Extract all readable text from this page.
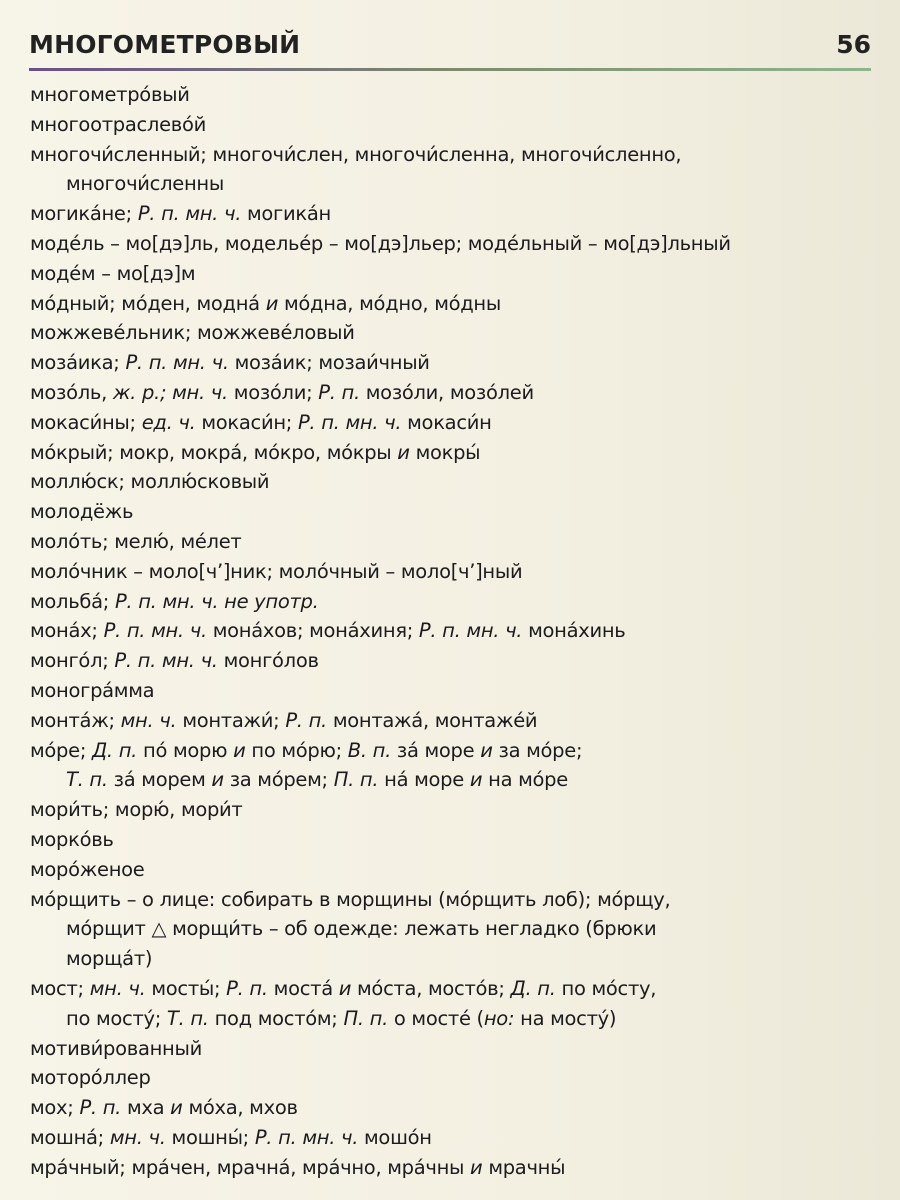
МНОГОМЕТРОВЫЙ	56
многометро́вый
многоотраслево́й
многочи́сленный; многочи́слен, многочи́сленна, многочи́сленно,
многочи́сленны
могика́не; Р. п. мн. ч. могика́н
моде́ль – мо[дэ]ль, моделье́р – мо[дэ]льер; моде́льный – мо[дэ]льный
моде́м – мо[дэ]м
мо́дный; мо́ден, модна́ и мо́дна, мо́дно, мо́дны
можжеве́льник; можжеве́ловый
моза́ика; Р. п. мн. ч. моза́ик; мозаи́чный
мозо́ль, ж. р.; мн. ч. мозо́ли; Р. п. мозо́ли, мозо́лей
мокаси́ны; ед. ч. мокаси́н; Р. п. мн. ч. мокаси́н
мо́крый; мокр, мокра́, мо́кро, мо́кры и мокры́
моллю́ск; моллю́сковый
молодёжь
моло́ть; мелю́, ме́лет
моло́чник – моло[ч’]ник; моло́чный – моло[ч’]ный
мольба́; Р. п. мн. ч. не употр.
мона́х; Р. п. мн. ч. мона́хов; мона́хиня; Р. п. мн. ч. мона́хинь
монго́л; Р. п. мн. ч. монго́лов
моногра́мма
монта́ж; мн. ч. монтажи́; Р. п. монтажа́, монтаже́й
мо́ре; Д. п. по́ морю и по мо́рю; В. п. за́ море и за мо́ре;
Т. п. за́ морем и за мо́рем; П. п. на́ море и на мо́ре
мори́ть; морю́, мори́т
морко́вь
моро́женое
мо́рщить – о лице: собирать в морщины (мо́рщить лоб); мо́рщу,
мо́рщит △ морщи́ть – об одежде: лежать негладко (брюки
морща́т)
мост; мн. ч. мосты́; Р. п. моста́ и мо́ста, мосто́в; Д. п. по мо́сту,
по мосту́; Т. п. под мосто́м; П. п. о мосте́ (но: на мосту́)
мотиви́рованный
мотоpо́ллер
мох; Р. п. мха и мо́ха, мхов
мошна́; мн. ч. мошны́; Р. п. мн. ч. мошо́н
мра́чный; мра́чен, мрачна́, мра́чно, мра́чны и мрачны́
